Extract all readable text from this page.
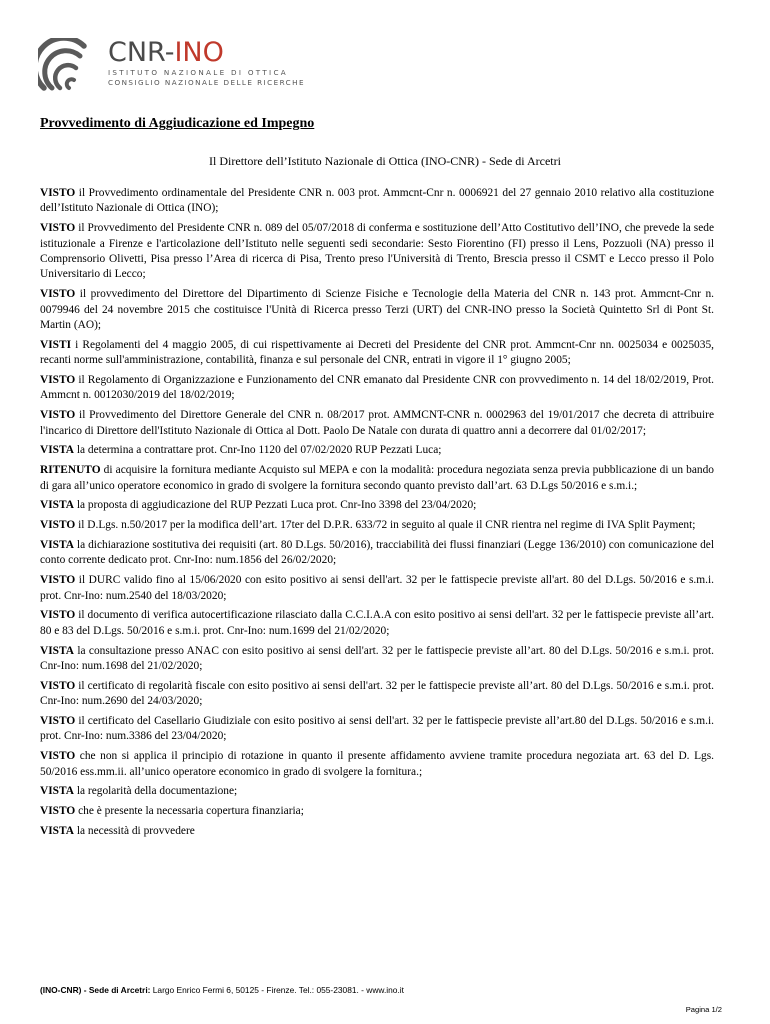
CNR-INO
ISTITUTO NAZIONALE DI OTTICA
CONSIGLIO NAZIONALE DELLE RICERCHE
Provvedimento di Aggiudicazione ed Impegno
Il Direttore dell’Istituto Nazionale di Ottica (INO-CNR) - Sede di Arcetri
VISTO il Provvedimento ordinamentale del Presidente CNR n. 003 prot. Ammcnt-Cnr n. 0006921 del 27 gennaio 2010 relativo alla costituzione dell’Istituto Nazionale di Ottica (INO);
VISTO il Provvedimento del Presidente CNR n. 089 del 05/07/2018 di conferma e sostituzione dell’Atto Costitutivo dell’INO, che prevede la sede istituzionale a Firenze e l'articolazione dell’Istituto nelle seguenti sedi secondarie: Sesto Fiorentino (FI) presso il Lens, Pozzuoli (NA) presso il Comprensorio Olivetti, Pisa presso l’Area di ricerca di Pisa, Trento preso l'Università di Trento, Brescia presso il CSMT e Lecco presso il Polo Universitario di Lecco;
VISTO il provvedimento del Direttore del Dipartimento di Scienze Fisiche e Tecnologie della Materia del CNR n. 143 prot. Ammcnt-Cnr n. 0079946 del 24 novembre 2015 che costituisce l'Unità di Ricerca presso Terzi (URT) del CNR-INO presso la Società Quintetto Srl di Pont St. Martin (AO);
VISTI i Regolamenti del 4 maggio 2005, di cui rispettivamente ai Decreti del Presidente del CNR prot. Ammcnt-Cnr nn. 0025034 e 0025035, recanti norme sull'amministrazione, contabilità, finanza e sul personale del CNR, entrati in vigore il 1° giugno 2005;
VISTO il Regolamento di Organizzazione e Funzionamento del CNR emanato dal Presidente CNR con provvedimento n. 14 del 18/02/2019, Prot. Ammcnt n. 0012030/2019 del 18/02/2019;
VISTO il Provvedimento del Direttore Generale del CNR n. 08/2017 prot. AMMCNT-CNR n. 0002963 del 19/01/2017 che decreta di attribuire l'incarico di Direttore dell'Istituto Nazionale di Ottica al Dott. Paolo De Natale con durata di quattro anni a decorrere dal 01/02/2017;
VISTA la determina a contrattare prot. Cnr-Ino 1120 del 07/02/2020 RUP Pezzati Luca;
RITENUTO di acquisire la fornitura mediante Acquisto sul MEPA e con la modalità: procedura negoziata senza previa pubblicazione di un bando di gara all’unico operatore economico in grado di svolgere la fornitura secondo quanto previsto dall’art. 63 D.Lgs 50/2016 e s.m.i.;
VISTA la proposta di aggiudicazione del RUP Pezzati Luca prot. Cnr-Ino 3398 del 23/04/2020;
VISTO il D.Lgs. n.50/2017 per la modifica dell’art. 17ter del D.P.R. 633/72 in seguito al quale il CNR rientra nel regime di IVA Split Payment;
VISTA la dichiarazione sostitutiva dei requisiti (art. 80 D.Lgs. 50/2016), tracciabilità dei flussi finanziari (Legge 136/2010) con comunicazione del conto corrente dedicato prot. Cnr-Ino: num.1856 del 26/02/2020;
VISTO il DURC valido fino al 15/06/2020 con esito positivo ai sensi dell'art. 32 per le fattispecie previste all'art. 80 del D.Lgs. 50/2016 e s.m.i. prot. Cnr-Ino: num.2540 del 18/03/2020;
VISTO il documento di verifica autocertificazione rilasciato dalla C.C.I.A.A con esito positivo ai sensi dell'art. 32 per le fattispecie previste all’art. 80 e 83 del D.Lgs. 50/2016 e s.m.i. prot. Cnr-Ino: num.1699 del 21/02/2020;
VISTA la consultazione presso ANAC con esito positivo ai sensi dell'art. 32 per le fattispecie previste all’art. 80 del D.Lgs. 50/2016 e s.m.i. prot. Cnr-Ino: num.1698 del 21/02/2020;
VISTO il certificato di regolarità fiscale con esito positivo ai sensi dell'art. 32 per le fattispecie previste all’art. 80 del D.Lgs. 50/2016 e s.m.i. prot. Cnr-Ino: num.2690 del 24/03/2020;
VISTO il certificato del Casellario Giudiziale con esito positivo ai sensi dell'art. 32 per le fattispecie previste all’art.80 del D.Lgs. 50/2016 e s.m.i. prot. Cnr-Ino: num.3386 del 23/04/2020;
VISTO che non si applica il principio di rotazione in quanto il presente affidamento avviene tramite procedura negoziata art. 63 del D. Lgs. 50/2016 ess.mm.ii. all’unico operatore economico in grado di svolgere la fornitura.;
VISTA la regolarità della documentazione;
VISTO che è presente la necessaria copertura finanziaria;
VISTA la necessità di provvedere
(INO-CNR) - Sede di Arcetri: Largo Enrico Fermi 6, 50125 - Firenze. Tel.: 055-23081. - www.ino.it
Pagina 1/2
